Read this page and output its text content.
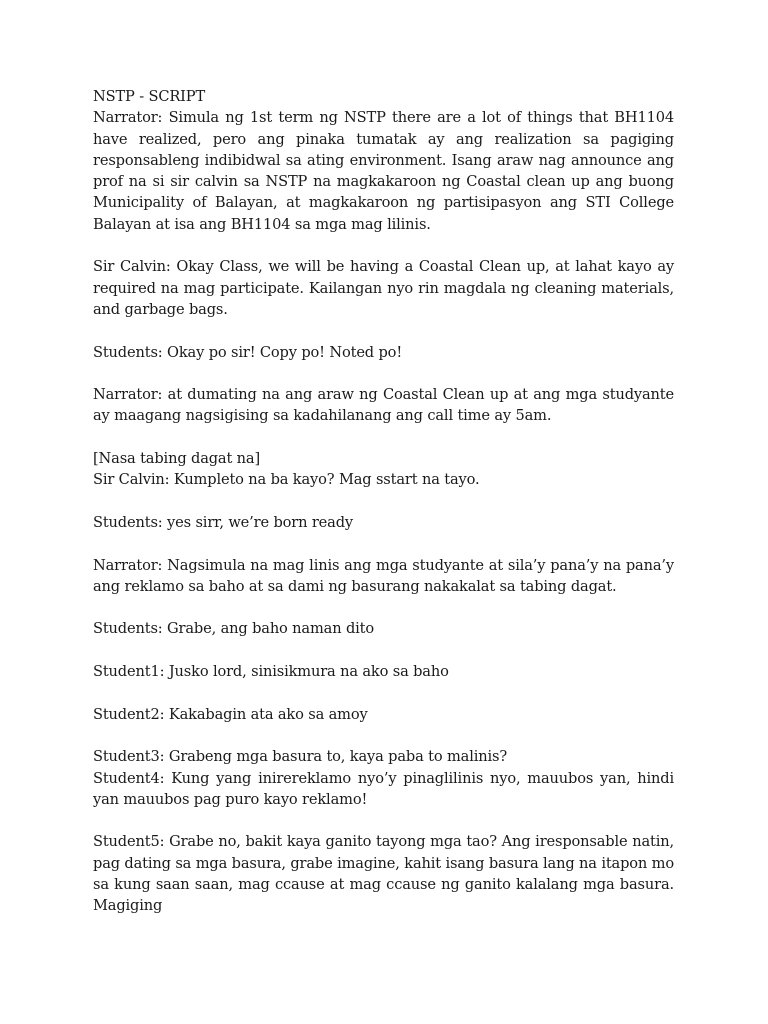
NSTP - SCRIPT
Narrator: Simula ng 1st term ng NSTP there are a lot of things that BH1104 have realized, pero ang pinaka tumatak ay ang realization sa pagiging responsableng indibidwal sa ating environment. Isang araw nag announce ang prof na si sir calvin sa NSTP na magkakaroon ng Coastal clean up ang buong Municipality of Balayan, at magkakaroon ng partisipasyon ang STI College Balayan at isa ang BH1104 sa mga mag lilinis.
Sir Calvin: Okay Class, we will be having a Coastal Clean up, at lahat kayo ay required na mag participate. Kailangan nyo rin magdala ng cleaning materials, and garbage bags.
Students: Okay po sir! Copy po! Noted po!
Narrator: at dumating na ang araw ng Coastal Clean up at ang mga studyante ay maagang nagsigising sa kadahilanang ang call time ay 5am.
[Nasa tabing dagat na]
Sir Calvin: Kumpleto na ba kayo? Mag sstart na tayo.
Students: yes sirr, we’re born ready
Narrator: Nagsimula na mag linis ang mga studyante at sila’y pana’y na pana’y ang reklamo sa baho at sa dami ng basurang nakakalat sa tabing dagat.
Students: Grabe, ang baho naman dito
Student1: Jusko lord, sinisikmura na ako sa baho
Student2: Kakabagin ata ako sa amoy
Student3: Grabeng mga basura to, kaya paba to malinis?
Student4: Kung yang inirereklamo nyo’y pinaglilinis nyo, mauubos yan, hindi yan mauubos pag puro kayo reklamo!
Student5: Grabe no, bakit kaya ganito tayong mga tao? Ang iresponsable natin, pag dating sa mga basura, grabe imagine, kahit isang basura lang na itapon mo sa kung saan saan, mag ccause at mag ccause ng ganito kalalang mga basura. Magiging
